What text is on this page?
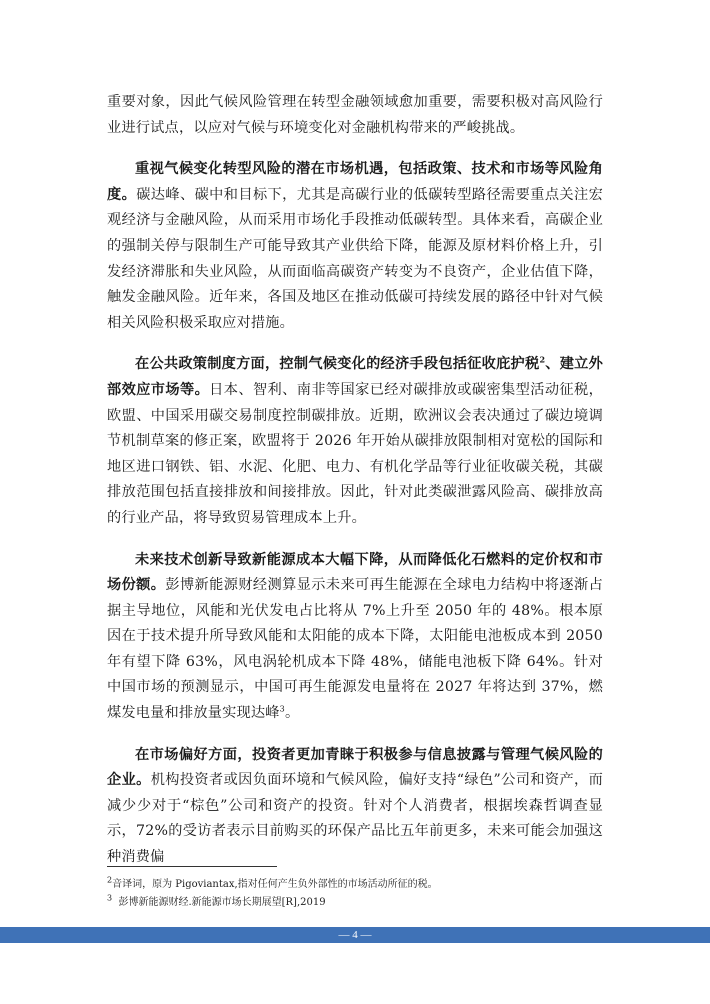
重要对象，因此气候风险管理在转型金融领域愈加重要，需要积极对高风险行业进行试点，以应对气候与环境变化对金融机构带来的严峻挑战。

重视气候变化转型风险的潜在市场机遇，包括政策、技术和市场等风险角度。碳达峰、碳中和目标下，尤其是高碳行业的低碳转型路径需要重点关注宏观经济与金融风险，从而采用市场化手段推动低碳转型。具体来看，高碳企业的强制关停与限制生产可能导致其产业供给下降，能源及原材料价格上升，引发经济滞胀和失业风险，从而面临高碳资产转变为不良资产，企业估值下降，触发金融风险。近年来，各国及地区在推动低碳可持续发展的路径中针对气候相关风险积极采取应对措施。

在公共政策制度方面，控制气候变化的经济手段包括征收庇护税$^2$、建立外部效应市场等。日本、智利、南非等国家已经对碳排放或碳密集型活动征税，欧盟、中国采用碳交易制度控制碳排放。近期，欧洲议会表决通过了碳边境调节机制草案的修正案，欧盟将于 2026 年开始从碳排放限制相对宽松的国际和地区进口钢铁、铝、水泥、化肥、电力、有机化学品等行业征收碳关税，其碳排放范围包括直接排放和间接排放。因此，针对此类碳泄露风险高、碳排放高的行业产品，将导致贸易管理成本上升。

未来技术创新导致新能源成本大幅下降，从而降低化石燃料的定价权和市场份额。彭博新能源财经测算显示未来可再生能源在全球电力结构中将逐渐占据主导地位，风能和光伏发电占比将从 7%上升至 2050 年的 48%。根本原因在于技术提升所导致风能和太阳能的成本下降，太阳能电池板成本到 2050 年有望下降 63%，风电涡轮机成本下降 48%，储能电池板下降 64%。针对中国市场的预测显示，中国可再生能源发电量将在 2027 年将达到 37%，燃煤发电量和排放量实现达峰$^3$。

在市场偏好方面，投资者更加青睐于积极参与信息披露与管理气候风险的企业。机构投资者或因负面环境和气候风险，偏好支持“绿色”公司和资产，而减少少对于“棕色”公司和资产的投资。针对个人消费者，根据埃森哲调查显示，72%的受访者表示目前购买的环保产品比五年前更多，未来可能会加强这种消费偏

$^2$音译词，原为 Pigoviantax,指对任何产生负外部性的市场活动所征的税。

$^3$ 彭博新能源财经.新能源市场长期展望[R],2019

— 4 —
